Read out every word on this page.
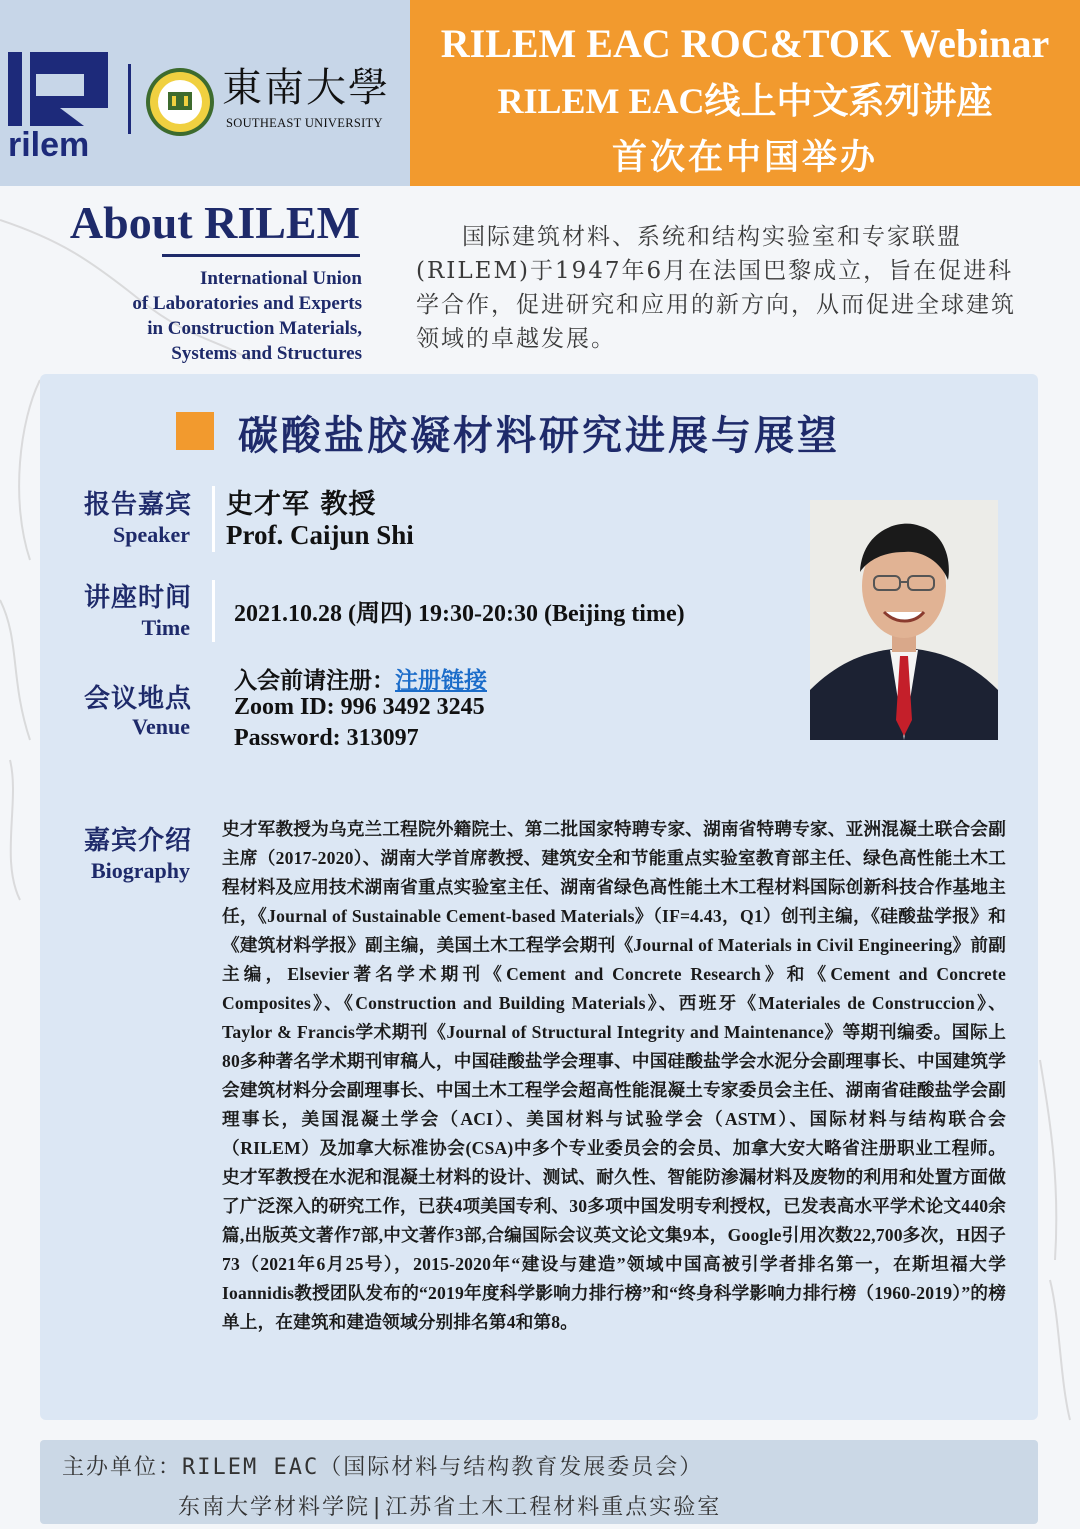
rilem
東南大學
SOUTHEAST UNIVERSITY
RILEM EAC ROC&TOK Webinar
RILEM EAC线上中文系列讲座
首次在中国举办
About RILEM
International Union
of Laboratories and Experts
in Construction Materials,
Systems and Structures
国际建筑材料、系统和结构实验室和专家联盟(RILEM)于1947年6月在法国巴黎成立，旨在促进科学合作，促进研究和应用的新方向，从而促进全球建筑领域的卓越发展。
碳酸盐胶凝材料研究进展与展望
报告嘉宾
Speaker
史才军 教授
Prof. Caijun Shi
讲座时间
Time
2021.10.28 (周四) 19:30-20:30 (Beijing time)
会议地点
Venue
入会前请注册：注册链接
Zoom ID: 996 3492 3245
Password: 313097
嘉宾介绍
Biography
史才军教授为乌克兰工程院外籍院士、第二批国家特聘专家、湖南省特聘专家、亚洲混凝土联合会副主席（2017-2020）、湖南大学首席教授、建筑安全和节能重点实验室教育部主任、绿色高性能土木工程材料及应用技术湖南省重点实验室主任、湖南省绿色高性能土木工程材料国际创新科技合作基地主任，《Journal of Sustainable Cement-based Materials》（IF=4.43，Q1）创刊主编，《硅酸盐学报》和《建筑材料学报》副主编，美国土木工程学会期刊《Journal of Materials in Civil Engineering》前副主编，Elsevier著名学术期刊《Cement and Concrete Research》和《Cement and Concrete Composites》、《Construction and Building Materials》、西班牙《Materiales de Construccion》、Taylor & Francis学术期刊《Journal of Structural Integrity and Maintenance》等期刊编委。国际上80多种著名学术期刊审稿人，中国硅酸盐学会理事、中国硅酸盐学会水泥分会副理事长、中国建筑学会建筑材料分会副理事长、中国土木工程学会超高性能混凝土专家委员会主任、湖南省硅酸盐学会副理事长，美国混凝土学会（ACI）、美国材料与试验学会（ASTM）、国际材料与结构联合会（RILEM）及加拿大标准协会(CSA)中多个专业委员会的会员、加拿大安大略省注册职业工程师。史才军教授在水泥和混凝土材料的设计、测试、耐久性、智能防渗漏材料及废物的利用和处置方面做了广泛深入的研究工作，已获4项美国专利、30多项中国发明专利授权，已发表高水平学术论文440余篇,出版英文著作7部,中文著作3部,合编国际会议英文论文集9本，Google引用次数22,700多次，H因子73（2021年6月25号），2015-2020年“建设与建造”领域中国高被引学者排名第一，在斯坦福大学Ioannidis教授团队发布的“2019年度科学影响力排行榜”和“终身科学影响力排行榜（1960-2019）”的榜单上，在建筑和建造领域分别排名第4和第8。
主办单位：RILEM EAC（国际材料与结构教育发展委员会）
东南大学材料学院|江苏省土木工程材料重点实验室
